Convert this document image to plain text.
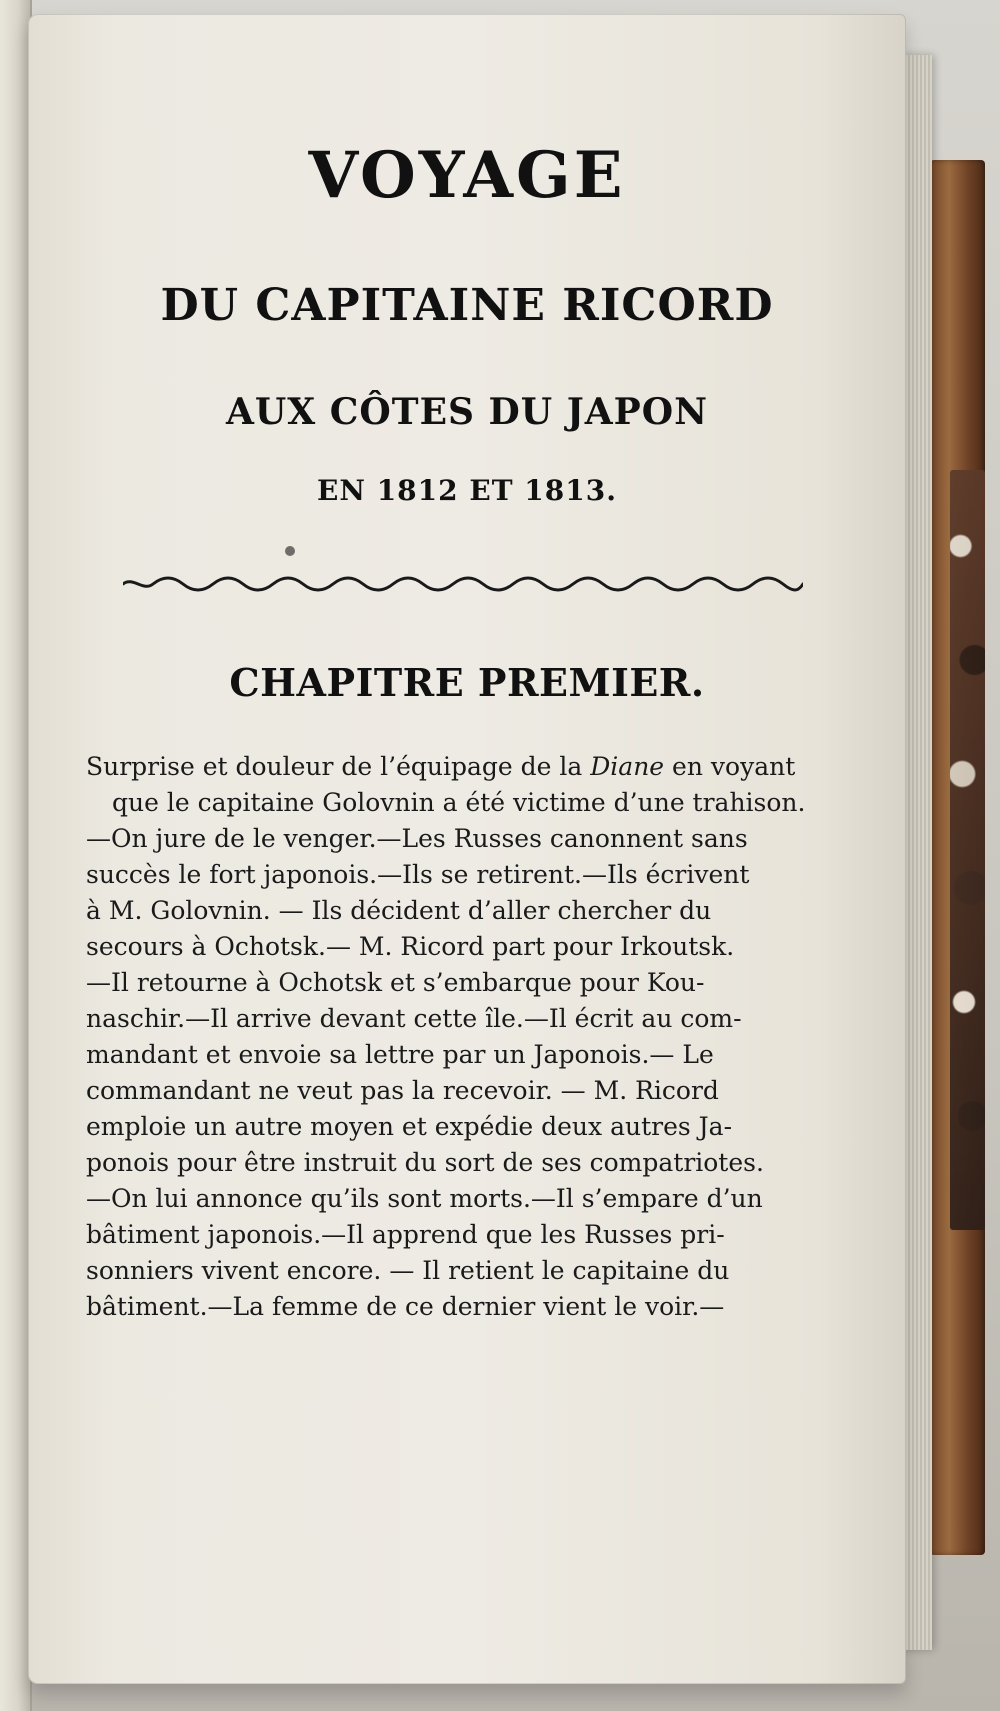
VOYAGE
DU CAPITAINE RICORD
AUX CÔTES DU JAPON
EN 1812 ET 1813.
CHAPITRE PREMIER.
Surprise et douleur de l’équipage de la Diane en voyant
que le capitaine Golovnin a été victime d’une trahison.
—On jure de le venger.—Les Russes canonnent sans
succès le fort japonois.—Ils se retirent.—Ils écrivent
à M. Golovnin. — Ils décident d’aller chercher du
secours à Ochotsk.— M. Ricord part pour Irkoutsk.
—Il retourne à Ochotsk et s’embarque pour Kou-
naschir.—Il arrive devant cette île.—Il écrit au com-
mandant et envoie sa lettre par un Japonois.— Le
commandant ne veut pas la recevoir. — M. Ricord
emploie un autre moyen et expédie deux autres Ja-
ponois pour être instruit du sort de ses compatriotes.
—On lui annonce qu’ils sont morts.—Il s’empare d’un
bâtiment japonois.—Il apprend que les Russes pri-
sonniers vivent encore. — Il retient le capitaine du
bâtiment.—La femme de ce dernier vient le voir.—
